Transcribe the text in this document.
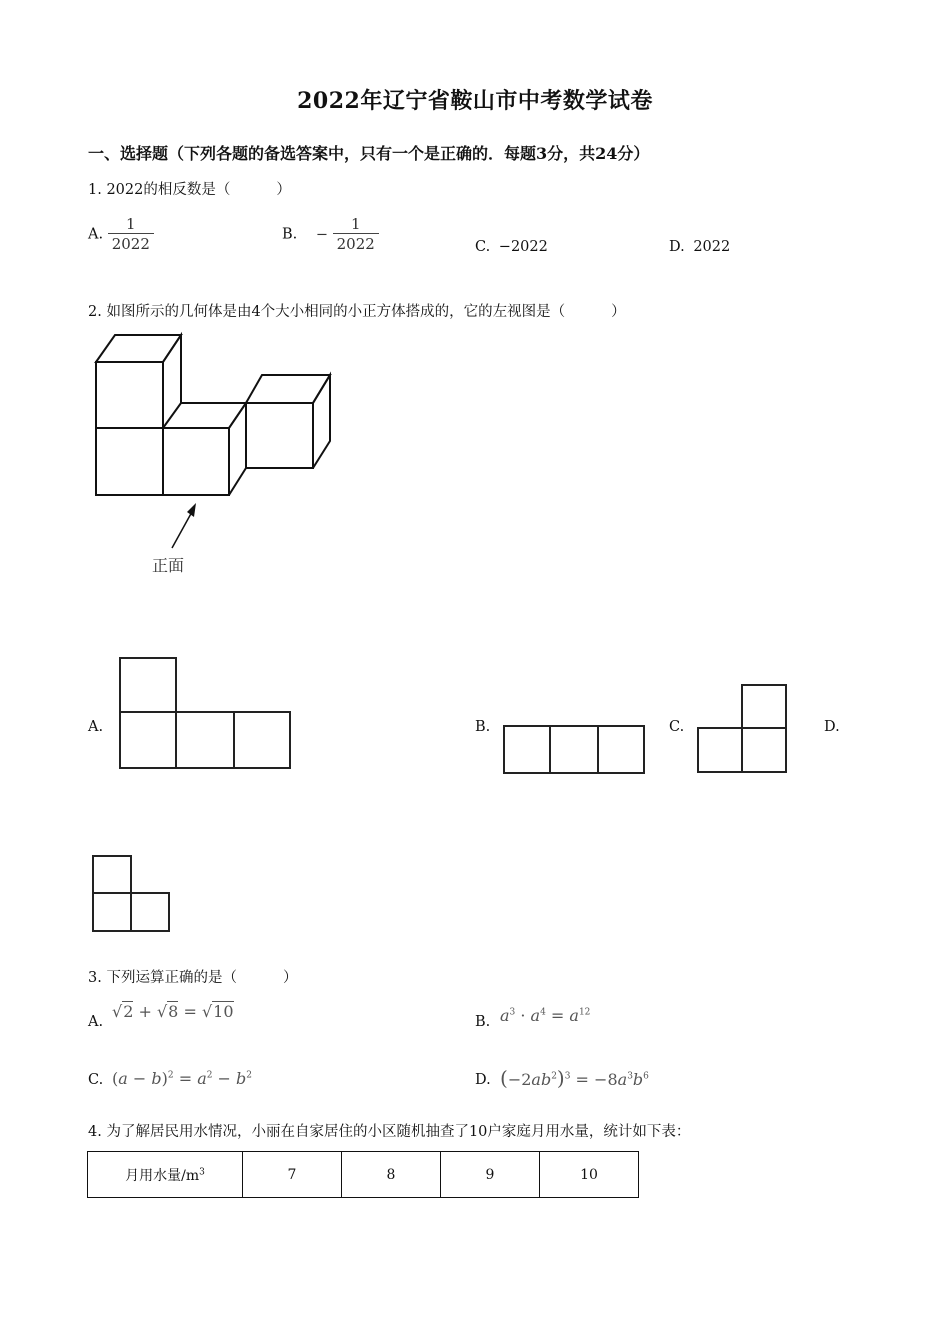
2022年辽宁省鞍山市中考数学试卷
一、选择题（下列各题的备选答案中，只有一个是正确的．每题3分，共24分）
1. 2022的相反数是（	）
A. $\frac{1}{2022}$	B. − $\frac{1}{2022}$	C. −2022	D. 2022
2. 如图所示的几何体是由4个大小相同的小正方体搭成的，它的左视图是（	）
正面
A.	B.	C.	D.
3. 下列运算正确的是（	）
A.
√2 + √8 = √10
B. $a^3 \cdot a^4 = a^{12}$
C. $(a - b)^2 = a^2 - b^2$	D. $(-2ab^2)^3 = -8a^3b^6$
4. 为了解居民用水情况，小丽在自家居住的小区随机抽查了10户家庭月用水量，统计如下表：
月用水量$/m^3$	7	8	9	10
